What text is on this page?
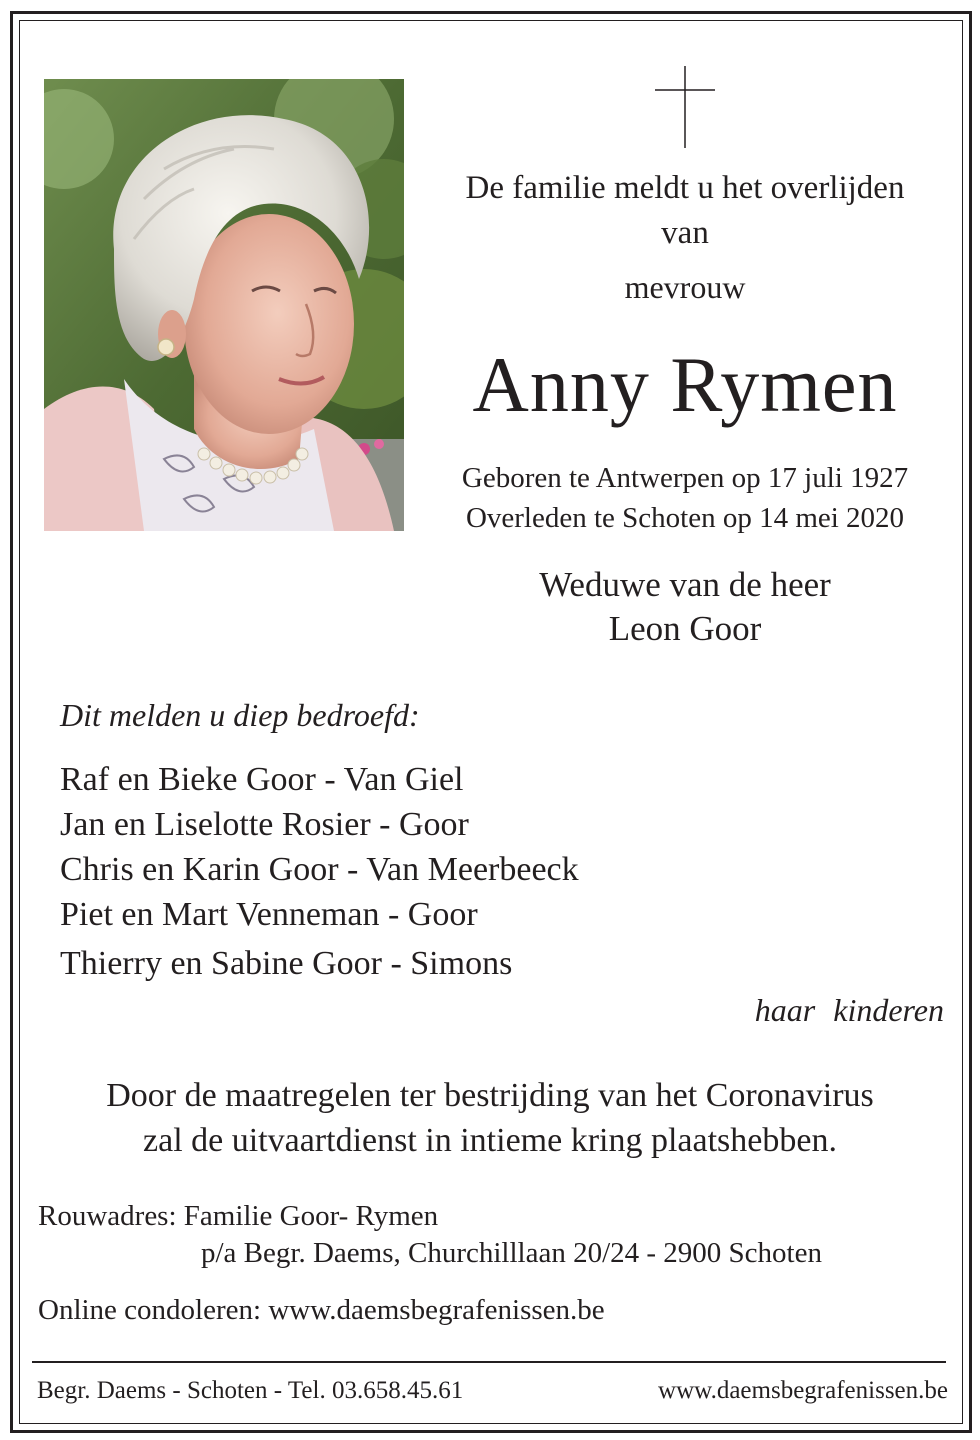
De familie meldt u het overlijden
van
mevrouw
Anny Rymen
Geboren te Antwerpen op 17 juli 1927
Overleden te Schoten op 14 mei 2020
Weduwe van de heer
Leon Goor
Dit melden u diep bedroefd:
Raf en Bieke Goor - Van Giel
Jan en Liselotte Rosier - Goor
Chris en Karin Goor - Van Meerbeeck
Piet en Mart Venneman - Goor
Thierry en Sabine Goor - Simons
haar kinderen
Door de maatregelen ter bestrijding van het Coronavirus
zal de uitvaartdienst in intieme kring plaatshebben.
Rouwadres: Familie Goor- Rymen
p/a Begr. Daems, Churchilllaan 20/24 - 2900 Schoten
Online condoleren: www.daemsbegrafenissen.be
Begr. Daems - Schoten - Tel. 03.658.45.61	www.daemsbegrafenissen.be
